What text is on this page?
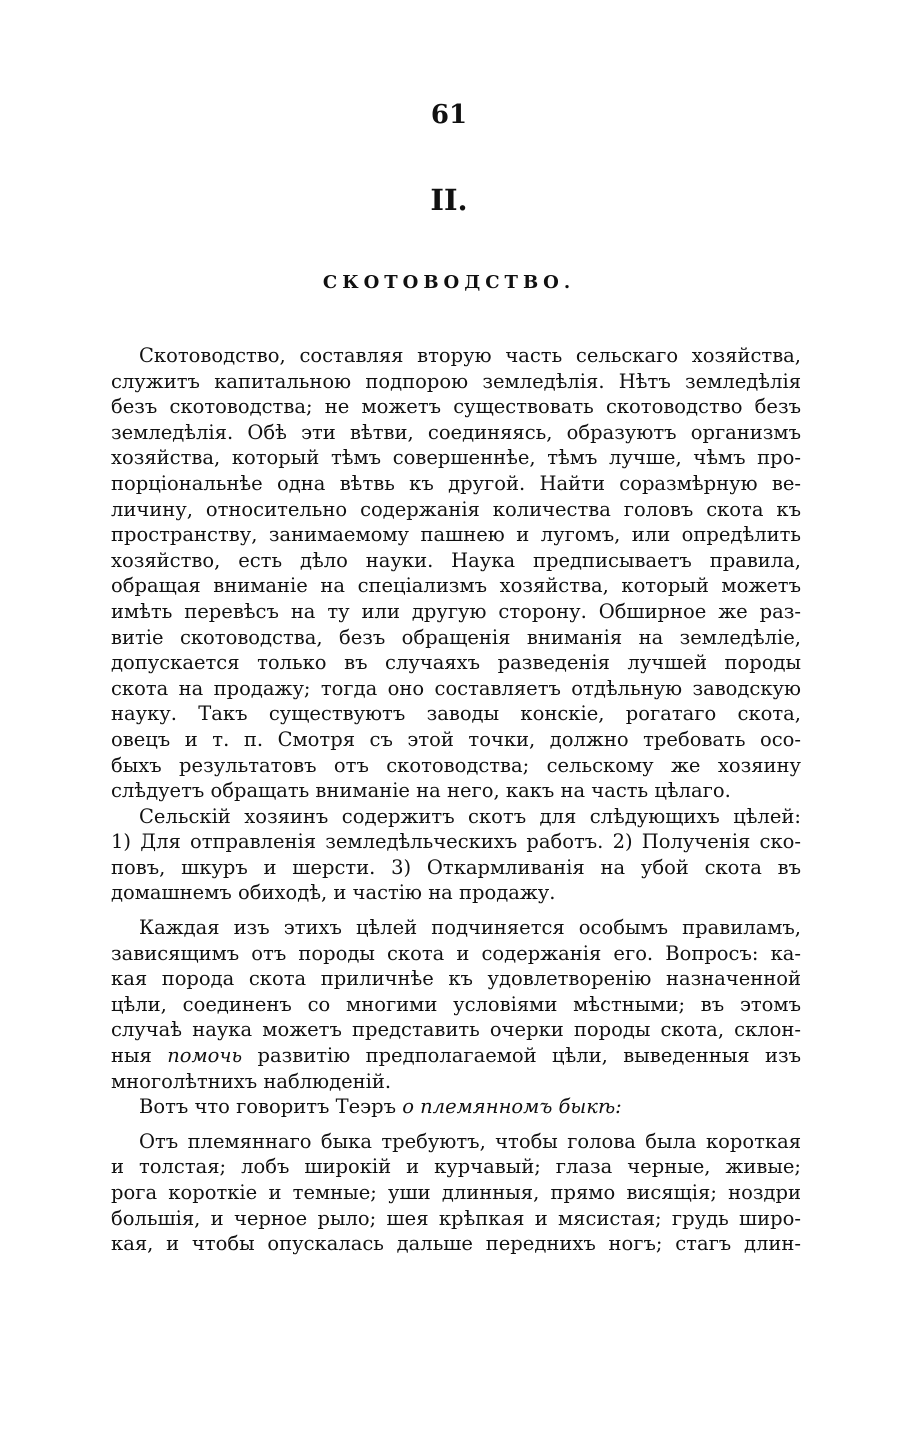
61
II.
СКОТОВОДСТВО.
Скотоводство, составляя вторую часть сельскаго хозяйства,
служитъ капитальною подпорою земледѣлія. Нѣтъ земледѣлія
безъ скотоводства; не можетъ существовать скотоводство безъ
земледѣлія. Обѣ эти вѣтви, соединяясь, образуютъ организмъ
хозяйства, который тѣмъ совершеннѣе, тѣмъ лучше, чѣмъ про-
порціональнѣе одна вѣтвь къ другой. Найти соразмѣрную ве-
личину, относительно содержанія количества головъ скота къ
пространству, занимаемому пашнею и лугомъ, или опредѣлить
хозяйство, есть дѣло науки. Наука предписываетъ правила,
обращая вниманіе на спеціализмъ хозяйства, который можетъ
имѣть перевѣсъ на ту или другую сторону. Обширное же раз-
витіе скотоводства, безъ обращенія вниманія на земледѣліе,
допускается только въ случаяхъ разведенія лучшей породы
скота на продажу; тогда оно составляетъ отдѣльную заводскую
науку. Такъ существуютъ заводы конскіе, рогатаго скота,
овецъ и т. п. Смотря съ этой точки, должно требовать осо-
быхъ результатовъ отъ скотоводства; сельскому же хозяину
слѣдуетъ обращать вниманіе на него, какъ на часть цѣлаго.
Сельскій хозяинъ содержитъ скотъ для слѣдующихъ цѣлей:
1) Для отправленія земледѣльческихъ работъ. 2) Полученія ско-
повъ, шкуръ и шерсти. 3) Откармливанія на убой скота въ
домашнемъ обиходѣ, и частію на продажу.
Каждая изъ этихъ цѣлей подчиняется особымъ правиламъ,
зависящимъ отъ породы скота и содержанія его. Вопросъ: ка-
кая порода скота приличнѣе къ удовлетворенію назначенной
цѣли, соединенъ со многими условіями мѣстными; въ этомъ
случаѣ наука можетъ представить очерки породы скота, склон-
ныя помочь развитію предполагаемой цѣли, выведенныя изъ
многолѣтнихъ наблюденій.
Вотъ что говоритъ Теэръ о племянномъ быкѣ:
Отъ племяннаго быка требуютъ, чтобы голова была короткая
и толстая; лобъ широкій и курчавый; глаза черные, живые;
рога короткіе и темные; уши длинныя, прямо висящія; ноздри
большія, и черное рыло; шея крѣпкая и мясистая; грудь широ-
кая, и чтобы опускалась дальше переднихъ ногъ; стагъ длин-
